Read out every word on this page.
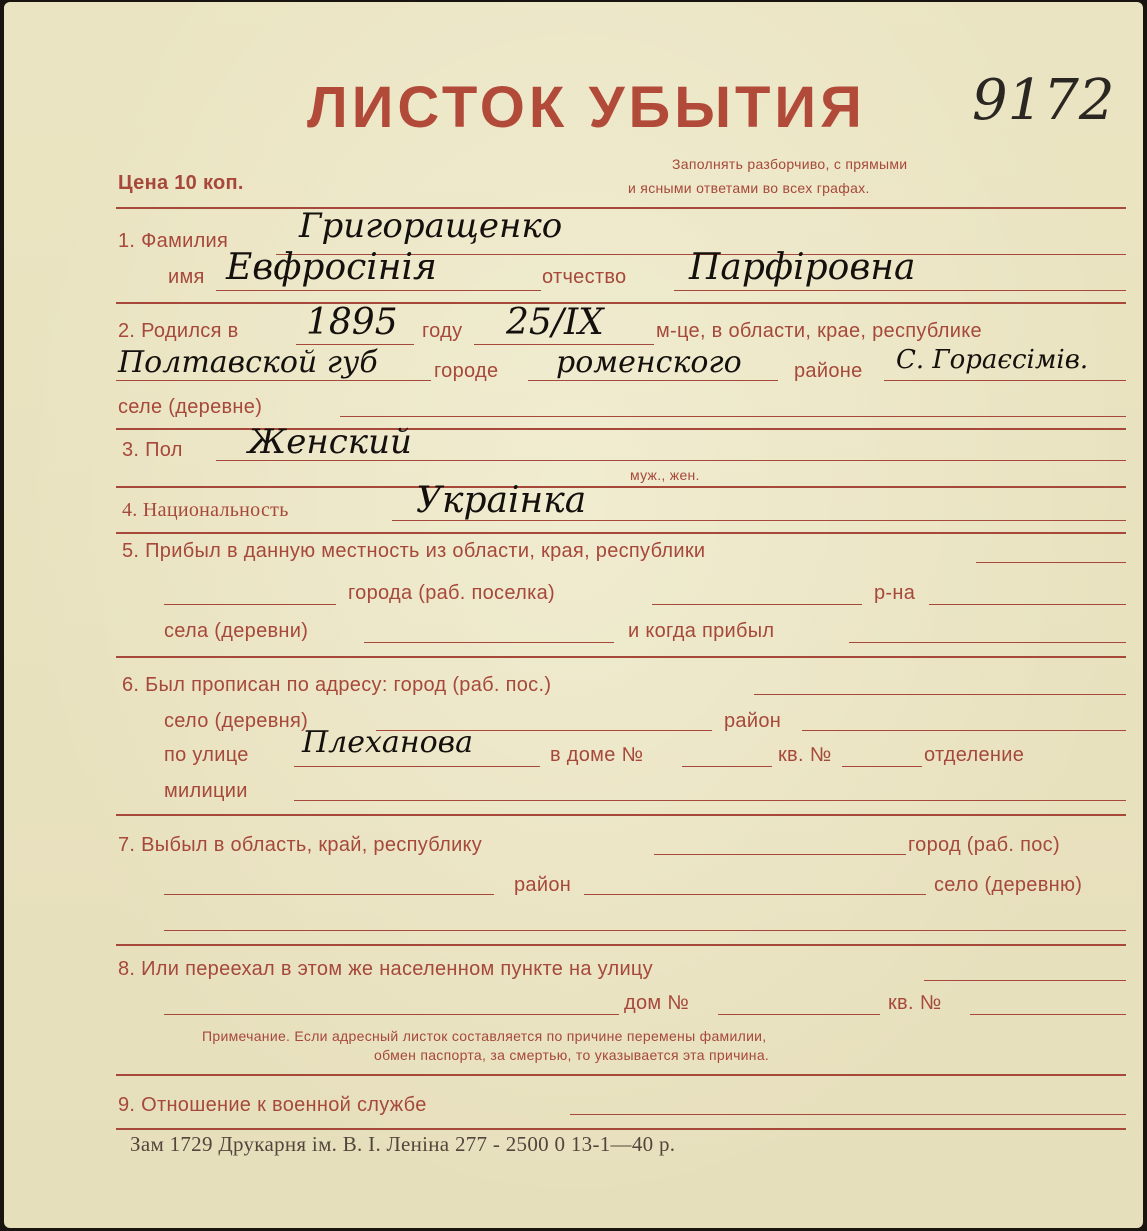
ЛИСТОК УБЫТИЯ 9172
Цена 10 коп.
Заполнять разборчиво, с прямыми
и ясными ответами во всех графах.
1. Фамилия Григоращенко
имя Евфросінія	отчество Парфіровна
2. Родился в 1895 году 25/IX	м-це, в области, крае, республике
Полтавской губ	городе роменского	районе С. Гораєсімів.
селе (деревне)
3. Пол Женский
муж., жен.
4. Национальность	Украінка
5. Прибыл в данную местность из области, края, республики
города (раб. поселка)	р-на
села (деревни)	и когда прибыл
6. Был прописан по адресу: город (раб. пос.)
село (деревня)	район
по улице Плеханова	в доме №	кв. №	отделение
милиции
7. Выбыл в область, край, республику	город (раб. пос)
район	село (деревню)
8. Или переехал в этом же населенном пункте на улицу
дом №	кв. №
Примечание. Если адресный листок составляется по причине перемены фамилии,
обмен паспорта, за смертью, то указывается эта причина.
9. Отношение к военной службе
Зам 1729 Друкарня ім. В. І. Леніна 277 - 2500 0 13-1—40 р.
